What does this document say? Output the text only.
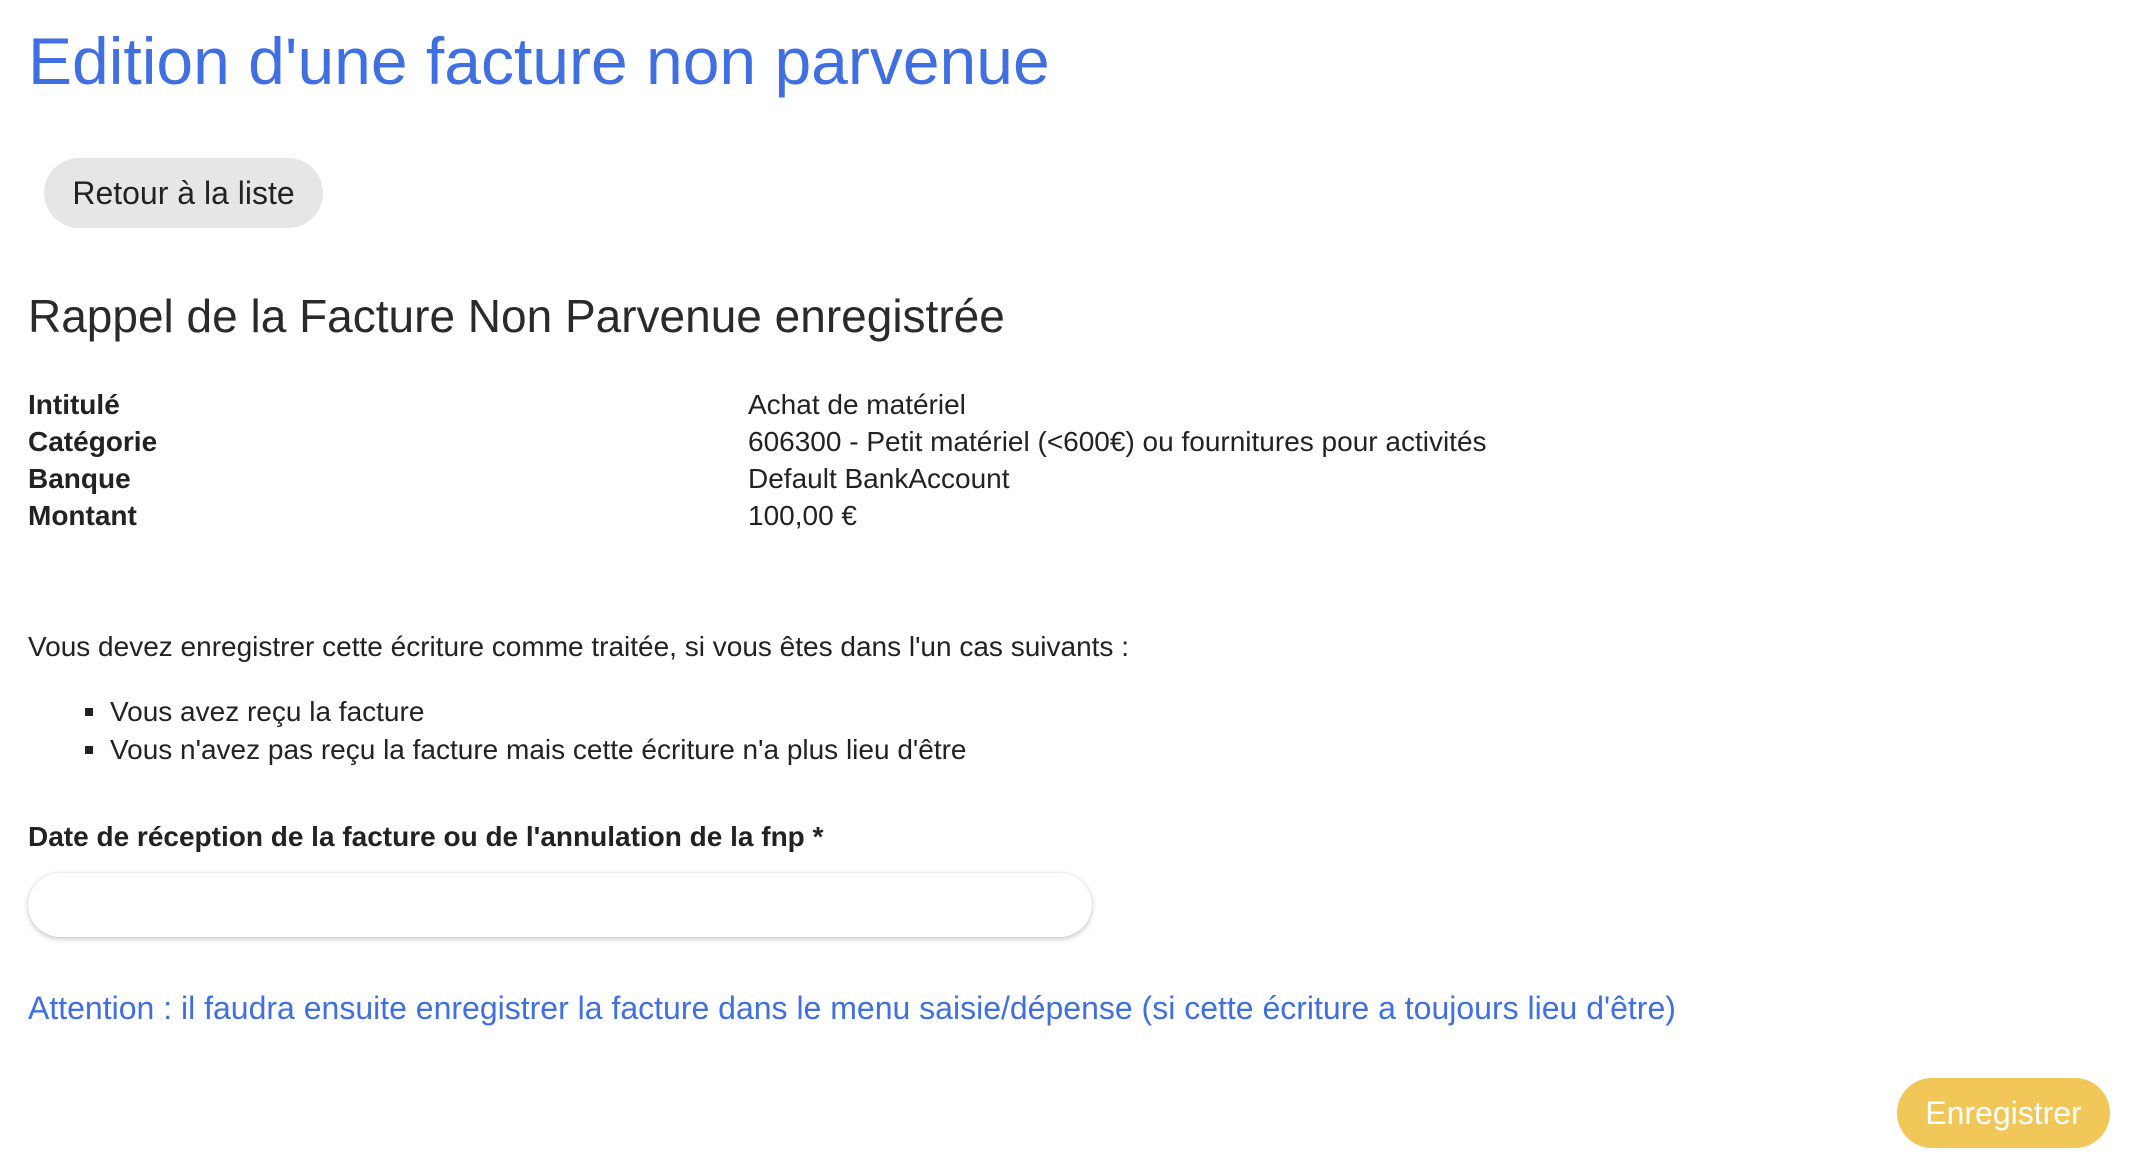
Edition d'une facture non parvenue
Retour à la liste
Rappel de la Facture Non Parvenue enregistrée
Intitulé	Achat de matériel
Catégorie	606300 - Petit matériel (<600€) ou fournitures pour activités
Banque	Default BankAccount
Montant	100,00 €

Vous devez enregistrer cette écriture comme traitée, si vous êtes dans l'un cas suivants :

Vous avez reçu la facture
Vous n'avez pas reçu la facture mais cette écriture n'a plus lieu d'être
Date de réception de la facture ou de l'annulation de la fnp *

Attention : il faudra ensuite enregistrer la facture dans le menu saisie/dépense (si cette écriture a toujours lieu d'être)

Enregistrer
